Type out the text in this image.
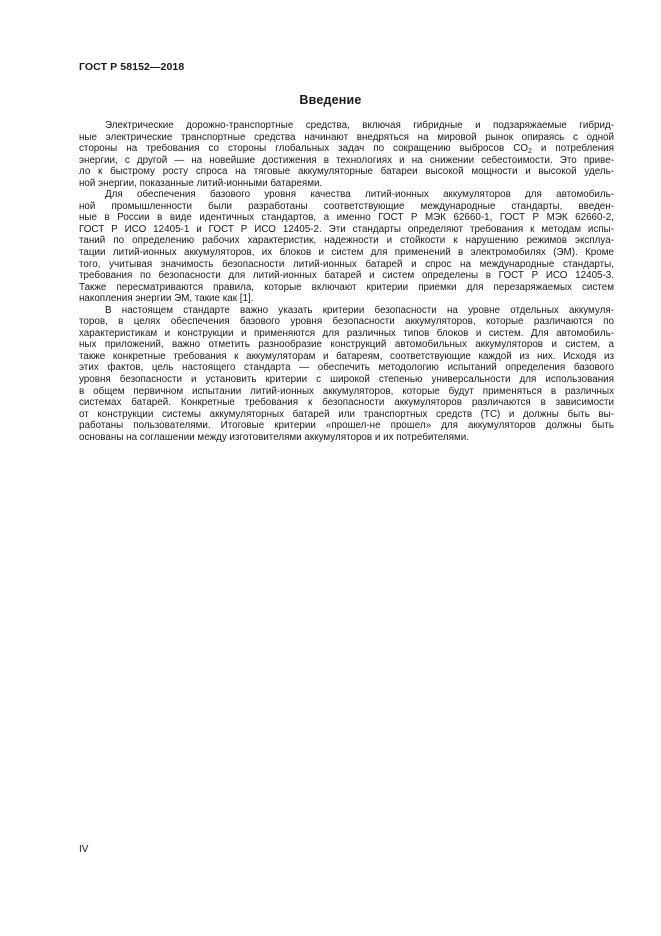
ГОСТ Р 58152—2018
Введение
Электрические дорожно-транспортные средства, включая гибридные и подзаряжаемые гибрид-
ные электрические транспортные средства начинают внедряться на мировой рынок опираясь с одной
стороны на требования со стороны глобальных задач по сокращению выбросов $CO_2$ и потребления
энергии, с другой — на новейшие достижения в технологиях и на снижении себестоимости. Это приве-
ло к быстрому росту спроса на тяговые аккумуляторные батареи высокой мощности и высокой удель-
ной энергии, показанные литий-ионными батареями.
Для обеспечения базового уровня качества литий-ионных аккумуляторов для автомобиль-
ной промышленности были разработаны соответствующие международные стандарты, введен-
ные в России в виде идентичных стандартов, а именно ГОСТ Р МЭК 62660-1, ГОСТ Р МЭК 62660-2,
ГОСТ Р ИСО 12405-1 и ГОСТ Р ИСО 12405-2. Эти стандарты определяют требования к методам испы-
таний по определению рабочих характеристик, надежности и стойкости к нарушению режимов эксплуа-
тации литий-ионных аккумуляторов, их блоков и систем для применений в электромобилях (ЭМ). Кроме
того, учитывая значимость безопасности литий-ионных батарей и спрос на международные стандарты,
требования по безопасности для литий-ионных батарей и систем определены в ГОСТ Р ИСО 12405-3.
Также пересматриваются правила, которые включают критерии приемки для перезаряжаемых систем
накопления энергии ЭМ, такие как [1].
В настоящем стандарте важно указать критерии безопасности на уровне отдельных аккумуля-
торов, в целях обеспечения базового уровня безопасности аккумуляторов, которые различаются по
характеристикам и конструкции и применяются для различных типов блоков и систем. Для автомобиль-
ных приложений, важно отметить разнообразие конструкций автомобильных аккумуляторов и систем, а
также конкретные требования к аккумуляторам и батареям, соответствующие каждой из них. Исходя из
этих фактов, цель настоящего стандарта — обеспечить методологию испытаний определения базового
уровня безопасности и установить критерии с широкой степенью универсальности для использования
в общем первичном испытании литий-ионных аккумуляторов, которые будут применяться в различных
системах батарей. Конкретные требования к безопасности аккумуляторов различаются в зависимости
от конструкции системы аккумуляторных батарей или транспортных средств (ТС) и должны быть вы-
работаны пользователями. Итоговые критерии «прошел-не прошел» для аккумуляторов должны быть
основаны на соглашении между изготовителями аккумуляторов и их потребителями.
IV
